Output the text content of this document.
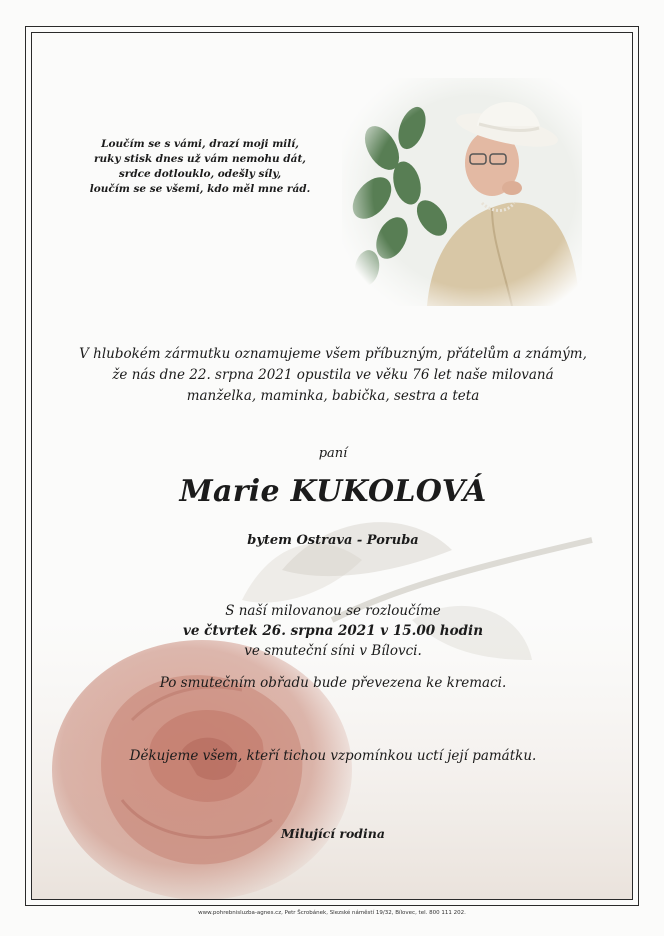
Loučím se s vámi, drazí moji milí,
ruky stisk dnes už vám nemohu dát,
srdce dotlouklo, odešly síly,
loučím se se všemi, kdo měl mne rád.
V hlubokém zármutku oznamujeme všem příbuzným, přátelům a známým,
že nás dne 22. srpna 2021 opustila ve věku 76 let naše milovaná
manželka, maminka, babička, sestra a teta
paní
Marie KUKOLOVÁ
bytem Ostrava - Poruba
S naší milovanou se rozloučíme
ve čtvrtek 26. srpna 2021 v 15.00 hodin
ve smuteční síni v Bílovci.
Po smutečním obřadu bude převezena ke kremaci.
Děkujeme všem, kteří tichou vzpomínkou uctí její památku.
Milující rodina
www.pohrebnisluzba-agnes.cz, Petr Šcrobánek, Slezské náměstí 19/32, Bílovec, tel. 800 111 202.
